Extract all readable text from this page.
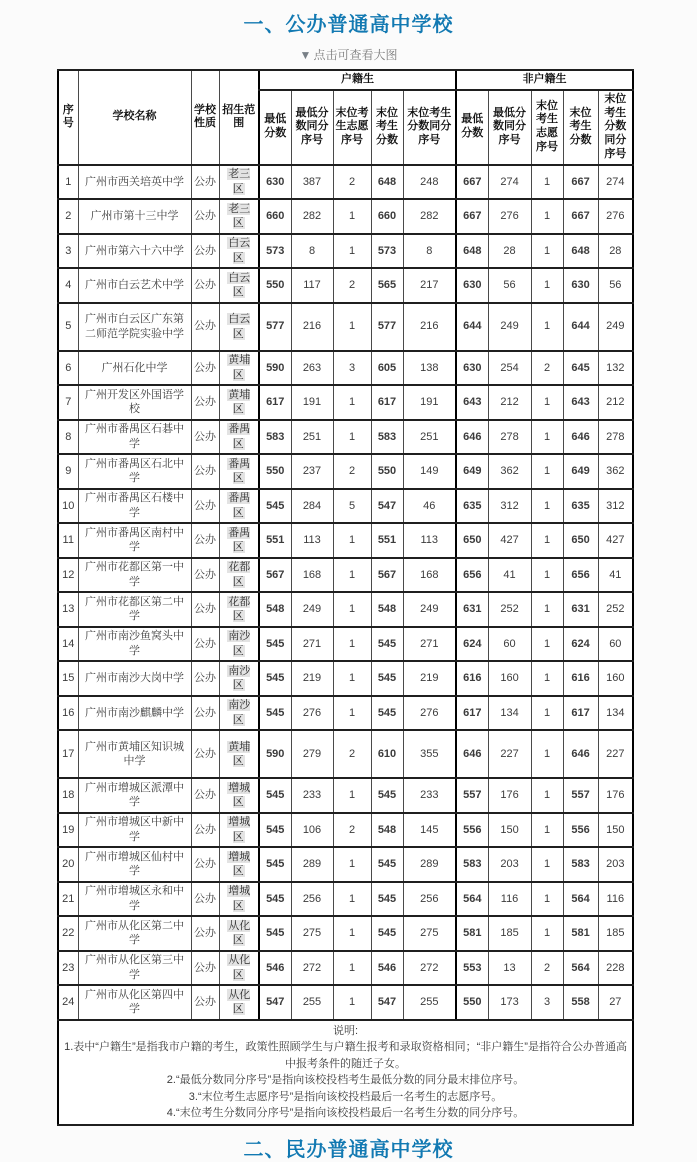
一、公办普通高中学校
▼ 点击可查看大图
序号	学校名称	学校性质	招生范围	户籍生					非户籍生				
				最低分数	最低分数同分序号	末位考生志愿序号	末位考生分数	末位考生分数同分序号	最低分数	最低分数同分序号	末位考生志愿序号	末位考生分数	末位考生分数同分序号
1	广州市西关培英中学	公办	老三区	630	387	2	648	248	667	274	1	667	274
2	广州市第十三中学	公办	老三区	660	282	1	660	282	667	276	1	667	276
3	广州市第六十六中学	公办	白云区	573	8	1	573	8	648	28	1	648	28
4	广州市白云艺术中学	公办	白云区	550	117	2	565	217	630	56	1	630	56
5	广州市白云区广东第二师范学院实验中学	公办	白云区	577	216	1	577	216	644	249	1	644	249
6	广州石化中学	公办	黄埔区	590	263	3	605	138	630	254	2	645	132
7	广州开发区外国语学校	公办	黄埔区	617	191	1	617	191	643	212	1	643	212
8	广州市番禺区石碁中学	公办	番禺区	583	251	1	583	251	646	278	1	646	278
9	广州市番禺区石北中学	公办	番禺区	550	237	2	550	149	649	362	1	649	362
10	广州市番禺区石楼中学	公办	番禺区	545	284	5	547	46	635	312	1	635	312
11	广州市番禺区南村中学	公办	番禺区	551	113	1	551	113	650	427	1	650	427
12	广州市花都区第一中学	公办	花都区	567	168	1	567	168	656	41	1	656	41
13	广州市花都区第二中学	公办	花都区	548	249	1	548	249	631	252	1	631	252
14	广州市南沙鱼窝头中学	公办	南沙区	545	271	1	545	271	624	60	1	624	60
15	广州市南沙大岗中学	公办	南沙区	545	219	1	545	219	616	160	1	616	160
16	广州市南沙麒麟中学	公办	南沙区	545	276	1	545	276	617	134	1	617	134
17	广州市黄埔区知识城中学	公办	黄埔区	590	279	2	610	355	646	227	1	646	227
18	广州市增城区派潭中学	公办	增城区	545	233	1	545	233	557	176	1	557	176
19	广州市增城区中新中学	公办	增城区	545	106	2	548	145	556	150	1	556	150
20	广州市增城区仙村中学	公办	增城区	545	289	1	545	289	583	203	1	583	203
21	广州市增城区永和中学	公办	增城区	545	256	1	545	256	564	116	1	564	116
22	广州市从化区第二中学	公办	从化区	545	275	1	545	275	581	185	1	581	185
23	广州市从化区第三中学	公办	从化区	546	272	1	546	272	553	13	2	564	228
24	广州市从化区第四中学	公办	从化区	547	255	1	547	255	550	173	3	558	27

说明:
1.表中“户籍生”是指我市户籍的考生，政策性照顾学生与户籍生报考和录取资格相同；“非户籍生”是指符合公办普通高中报考条件的随迁子女。
2.“最低分数同分序号”是指向该校投档考生最低分数的同分最末排位序号。
3.“末位考生志愿序号”是指向该校投档最后一名考生的志愿序号。
4.“末位考生分数同分序号”是指向该校投档最后一名考生分数的同分序号。													
二、民办普通高中学校
